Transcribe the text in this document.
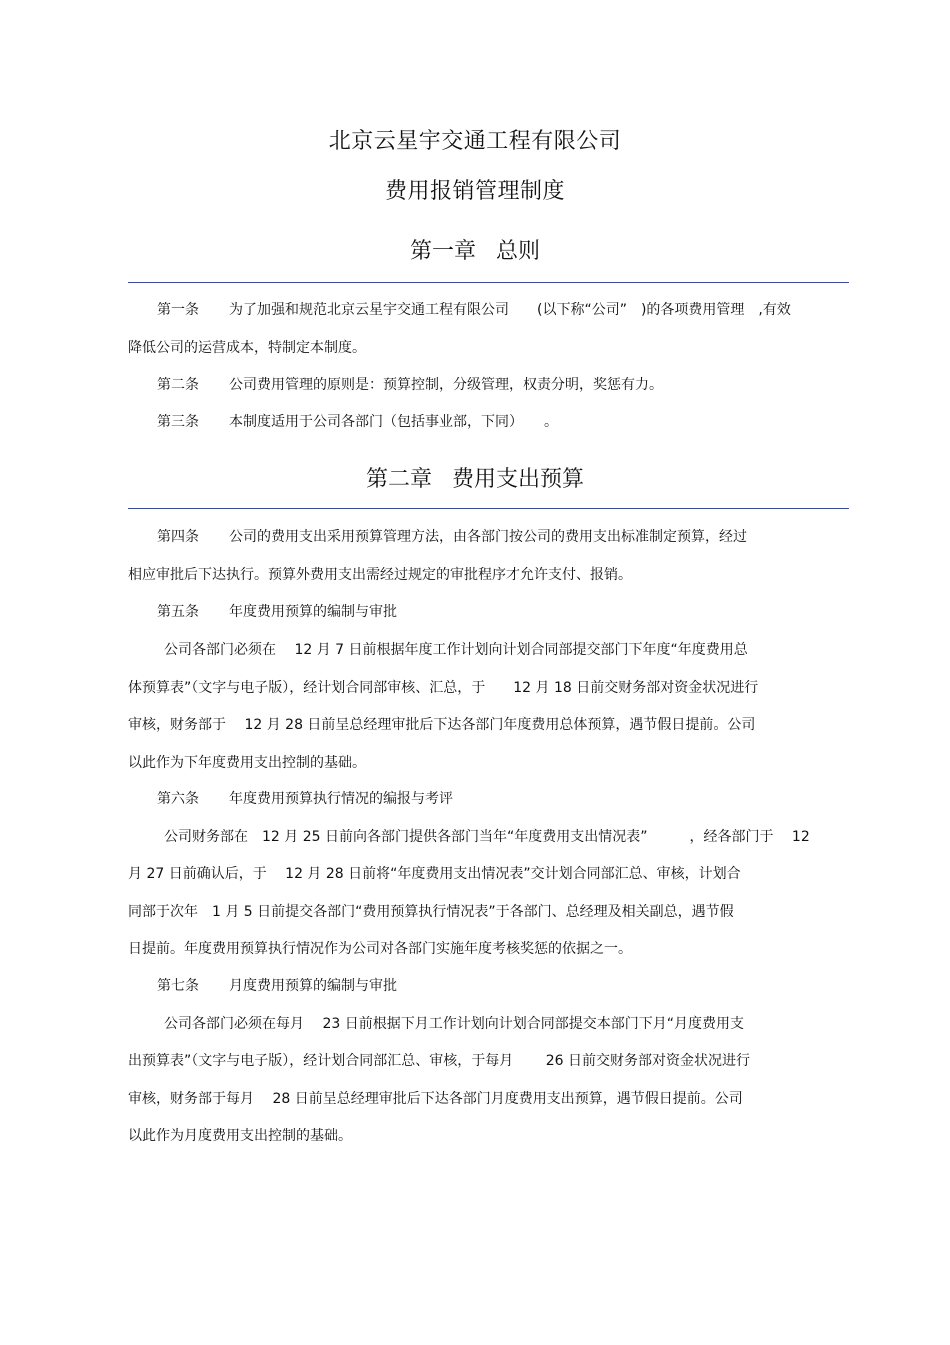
北京云星宇交通工程有限公司
费用报销管理制度
第一章 总则
第一条 为了加强和规范北京云星宇交通工程有限公司　　(以下称“公司”　)的各项费用管理　,有效
降低公司的运营成本，特制定本制度。
第二条 公司费用管理的原则是：预算控制，分级管理，权责分明，奖惩有力。
第三条 本制度适用于公司各部门（包括事业部，下同）　　。
第二章 费用支出预算
第四条 公司的费用支出采用预算管理方法，由各部门按公司的费用支出标准制定预算，经过
相应审批后下达执行。预算外费用支出需经过规定的审批程序才允许支付、报销。
第五条 年度费用预算的编制与审批
公司各部门必须在　 12 月 7 日前根据年度工作计划向计划合同部提交部门下年度“年度费用总
体预算表”（文字与电子版），经计划合同部审核、汇总，于　　12 月 18 日前交财务部对资金状况进行
审核，财务部于　 12 月 28 日前呈总经理审批后下达各部门年度费用总体预算，遇节假日提前。公司
以此作为下年度费用支出控制的基础。
第六条 年度费用预算执行情况的编报与考评
公司财务部在　12 月 25 日前向各部门提供各部门当年“年度费用支出情况表”　　　，经各部门于　 12
月 27 日前确认后，于　 12 月 28 日前将“年度费用支出情况表”交计划合同部汇总、审核，计划合
同部于次年　1 月 5 日前提交各部门“费用预算执行情况表”于各部门、总经理及相关副总，遇节假
日提前。年度费用预算执行情况作为公司对各部门实施年度考核奖惩的依据之一。
第七条 月度费用预算的编制与审批
公司各部门必须在每月　 23 日前根据下月工作计划向计划合同部提交本部门下月“月度费用支
出预算表”（文字与电子版），经计划合同部汇总、审核，于每月　　 26 日前交财务部对资金状况进行
审核，财务部于每月　 28 日前呈总经理审批后下达各部门月度费用支出预算，遇节假日提前。公司
以此作为月度费用支出控制的基础。
